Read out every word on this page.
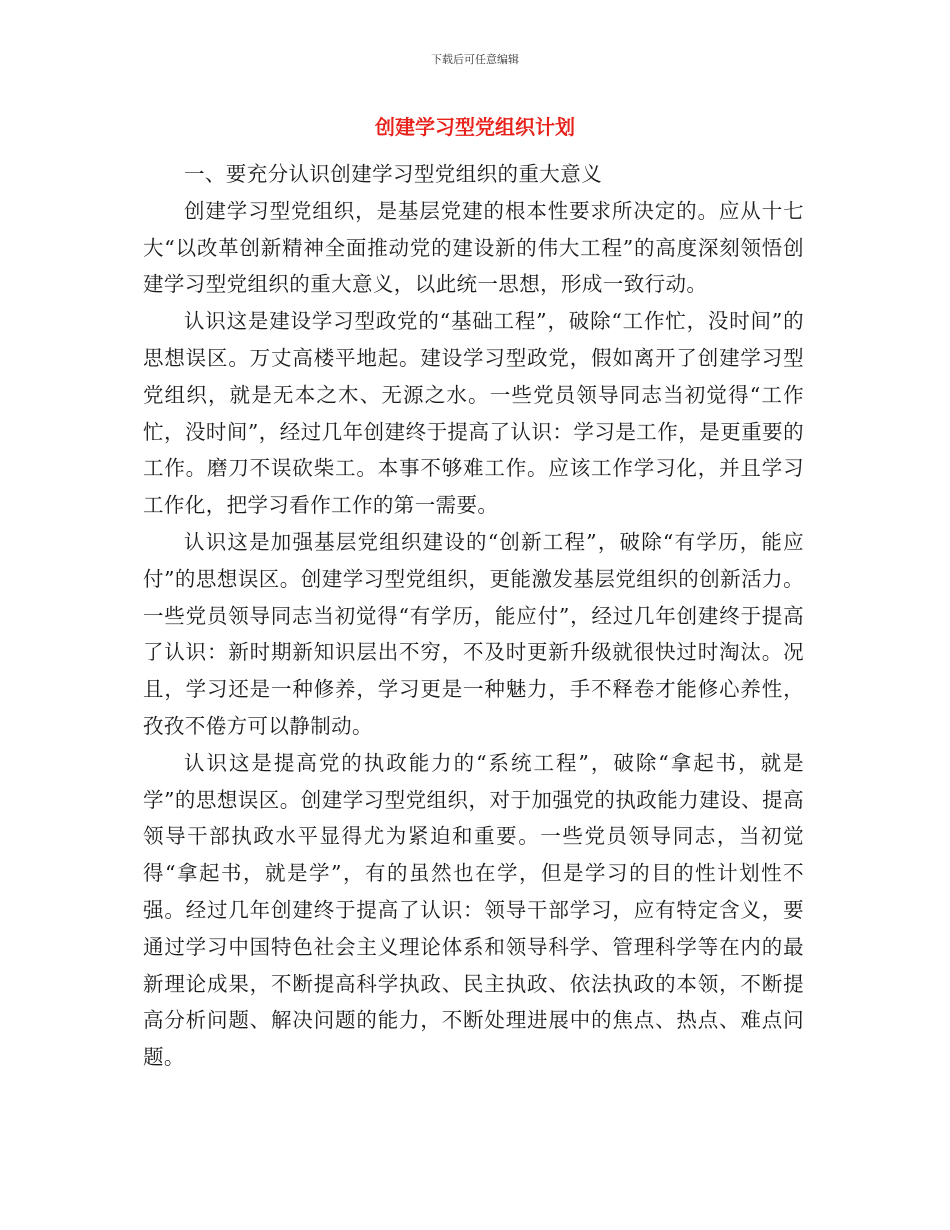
下载后可任意编辑
创建学习型党组织计划

一、要充分认识创建学习型党组织的重大意义

创建学习型党组织，是基层党建的根本性要求所决定的。应从十七大“以改革创新精神全面推动党的建设新的伟大工程”的高度深刻领悟创建学习型党组织的重大意义，以此统一思想，形成一致行动。

认识这是建设学习型政党的“基础工程”，破除“工作忙，没时间”的思想误区。万丈高楼平地起。建设学习型政党，假如离开了创建学习型党组织，就是无本之木、无源之水。一些党员领导同志当初觉得“工作忙，没时间”，经过几年创建终于提高了认识：学习是工作，是更重要的工作。磨刀不误砍柴工。本事不够难工作。应该工作学习化，并且学习工作化，把学习看作工作的第一需要。

认识这是加强基层党组织建设的“创新工程”，破除“有学历，能应付”的思想误区。创建学习型党组织，更能激发基层党组织的创新活力。一些党员领导同志当初觉得“有学历，能应付”，经过几年创建终于提高了认识：新时期新知识层出不穷，不及时更新升级就很快过时淘汰。况且，学习还是一种修养，学习更是一种魅力，手不释卷才能修心养性，孜孜不倦方可以静制动。

认识这是提高党的执政能力的“系统工程”，破除“拿起书，就是学”的思想误区。创建学习型党组织，对于加强党的执政能力建设、提高领导干部执政水平显得尤为紧迫和重要。一些党员领导同志，当初觉得“拿起书，就是学”，有的虽然也在学，但是学习的目的性计划性不强。经过几年创建终于提高了认识：领导干部学习，应有特定含义，要通过学习中国特色社会主义理论体系和领导科学、管理科学等在内的最新理论成果，不断提高科学执政、民主执政、依法执政的本领，不断提高分析问题、解决问题的能力，不断处理进展中的焦点、热点、难点问题。
